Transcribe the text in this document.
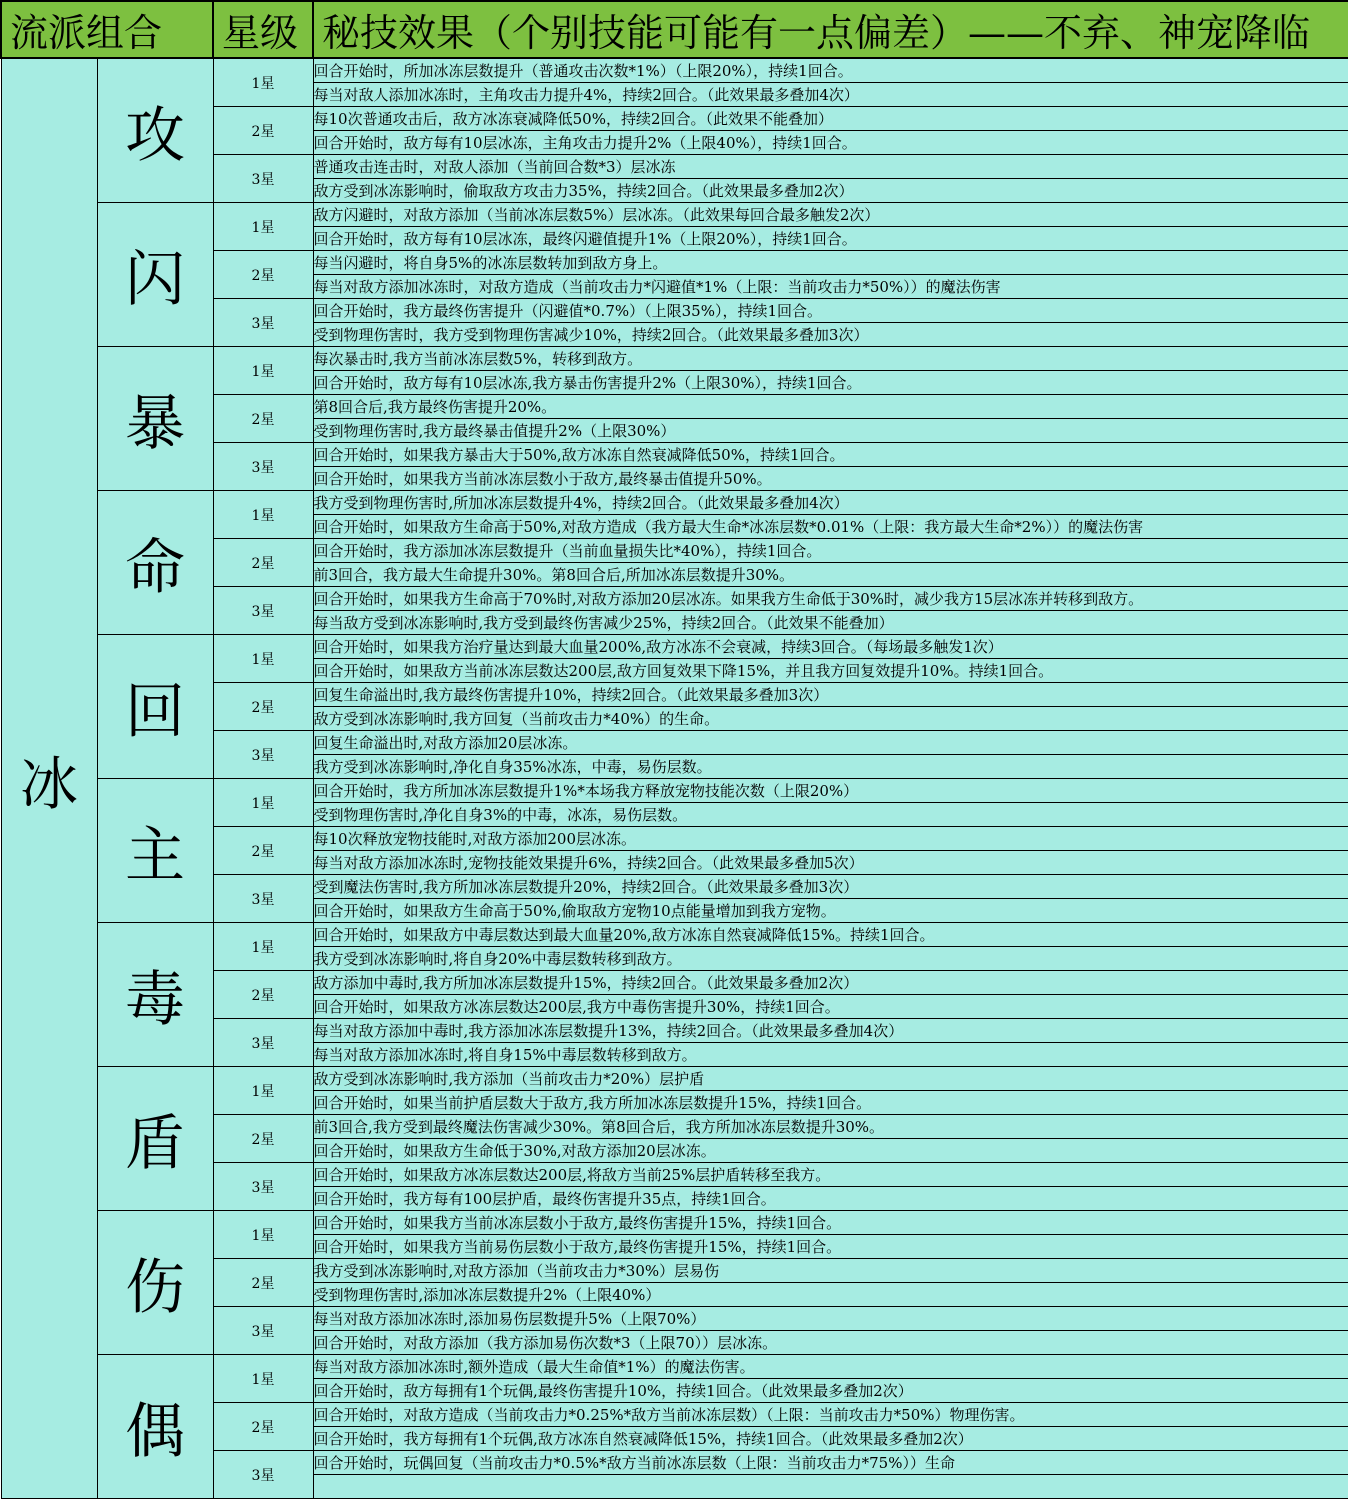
流派组合		星级	秘技效果（个别技能可能有一点偏差）——不弃、神宠降临
冰	攻	1星	回合开始时，所加冰冻层数提升（普通攻击次数*1%）（上限20%），持续1回合。
			每当对敌人添加冰冻时，主角攻击力提升4%，持续2回合。（此效果最多叠加4次）
		2星	每10次普通攻击后，敌方冰冻衰减降低50%，持续2回合。（此效果不能叠加）
			回合开始时，敌方每有10层冰冻，主角攻击力提升2%（上限40%），持续1回合。
		3星	普通攻击连击时，对敌人添加（当前回合数*3）层冰冻
			敌方受到冰冻影响时，偷取敌方攻击力35%，持续2回合。（此效果最多叠加2次）
	闪	1星	敌方闪避时，对敌方添加（当前冰冻层数5%）层冰冻。（此效果每回合最多触发2次）
			回合开始时，敌方每有10层冰冻，最终闪避值提升1%（上限20%），持续1回合。
		2星	每当闪避时，将自身5%的冰冻层数转加到敌方身上。
			每当对敌方添加冰冻时，对敌方造成（当前攻击力*闪避值*1%（上限：当前攻击力*50%））的魔法伤害
		3星	回合开始时，我方最终伤害提升（闪避值*0.7%）（上限35%），持续1回合。
			受到物理伤害时，我方受到物理伤害减少10%，持续2回合。（此效果最多叠加3次）
	暴	1星	每次暴击时,我方当前冰冻层数5%，转移到敌方。
			回合开始时，敌方每有10层冰冻,我方暴击伤害提升2%（上限30%），持续1回合。
		2星	第8回合后,我方最终伤害提升20%。
			受到物理伤害时,我方最终暴击值提升2%（上限30%）
		3星	回合开始时，如果我方暴击大于50%,敌方冰冻自然衰减降低50%，持续1回合。
			回合开始时，如果我方当前冰冻层数小于敌方,最终暴击值提升50%。
	命	1星	我方受到物理伤害时,所加冰冻层数提升4%，持续2回合。（此效果最多叠加4次）
			回合开始时，如果敌方生命高于50%,对敌方造成（我方最大生命*冰冻层数*0.01%（上限：我方最大生命*2%））的魔法伤害
		2星	回合开始时，我方添加冰冻层数提升（当前血量损失比*40%），持续1回合。
			前3回合，我方最大生命提升30%。第8回合后,所加冰冻层数提升30%。
		3星	回合开始时，如果我方生命高于70%时,对敌方添加20层冰冻。如果我方生命低于30%时，减少我方15层冰冻并转移到敌方。
			每当敌方受到冰冻影响时,我方受到最终伤害减少25%，持续2回合。（此效果不能叠加）
	回	1星	回合开始时，如果我方治疗量达到最大血量200%,敌方冰冻不会衰减，持续3回合。（每场最多触发1次）
			回合开始时，如果敌方当前冰冻层数达200层,敌方回复效果下降15%，并且我方回复效提升10%。持续1回合。
		2星	回复生命溢出时,我方最终伤害提升10%，持续2回合。（此效果最多叠加3次）
			敌方受到冰冻影响时,我方回复（当前攻击力*40%）的生命。
		3星	回复生命溢出时,对敌方添加20层冰冻。
			我方受到冰冻影响时,净化自身35%冰冻，中毒，易伤层数。
	主	1星	回合开始时，我方所加冰冻层数提升1%*本场我方释放宠物技能次数（上限20%）
			受到物理伤害时,净化自身3%的中毒，冰冻，易伤层数。
		2星	每10次释放宠物技能时,对敌方添加200层冰冻。
			每当对敌方添加冰冻时,宠物技能效果提升6%，持续2回合。（此效果最多叠加5次）
		3星	受到魔法伤害时,我方所加冰冻层数提升20%，持续2回合。（此效果最多叠加3次）
			回合开始时，如果敌方生命高于50%,偷取敌方宠物10点能量增加到我方宠物。
	毒	1星	回合开始时，如果敌方中毒层数达到最大血量20%,敌方冰冻自然衰减降低15%。持续1回合。
			我方受到冰冻影响时,将自身20%中毒层数转移到敌方。
		2星	敌方添加中毒时,我方所加冰冻层数提升15%，持续2回合。（此效果最多叠加2次）
			回合开始时，如果敌方冰冻层数达200层,我方中毒伤害提升30%，持续1回合。
		3星	每当对敌方添加中毒时,我方添加冰冻层数提升13%，持续2回合。（此效果最多叠加4次）
			每当对敌方添加冰冻时,将自身15%中毒层数转移到敌方。
	盾	1星	敌方受到冰冻影响时,我方添加（当前攻击力*20%）层护盾
			回合开始时，如果当前护盾层数大于敌方,我方所加冰冻层数提升15%，持续1回合。
		2星	前3回合,我方受到最终魔法伤害减少30%。第8回合后，我方所加冰冻层数提升30%。
			回合开始时，如果敌方生命低于30%,对敌方添加20层冰冻。
		3星	回合开始时，如果敌方冰冻层数达200层,将敌方当前25%层护盾转移至我方。
			回合开始时，我方每有100层护盾，最终伤害提升35点，持续1回合。
	伤	1星	回合开始时，如果我方当前冰冻层数小于敌方,最终伤害提升15%，持续1回合。
			回合开始时，如果我方当前易伤层数小于敌方,最终伤害提升15%，持续1回合。
		2星	我方受到冰冻影响时,对敌方添加（当前攻击力*30%）层易伤
			受到物理伤害时,添加冰冻层数提升2%（上限40%）
		3星	每当对敌方添加冰冻时,添加易伤层数提升5%（上限70%）
			回合开始时，对敌方添加（我方添加易伤次数*3（上限70））层冰冻。
	偶	1星	每当对敌方添加冰冻时,额外造成（最大生命值*1%）的魔法伤害。
			回合开始时，敌方每拥有1个玩偶,最终伤害提升10%，持续1回合。（此效果最多叠加2次）
		2星	回合开始时，对敌方造成（当前攻击力*0.25%*敌方当前冰冻层数）（上限：当前攻击力*50%）物理伤害。
			回合开始时，我方每拥有1个玩偶,敌方冰冻自然衰减降低15%，持续1回合。（此效果最多叠加2次）
		3星	回合开始时，玩偶回复（当前攻击力*0.5%*敌方当前冰冻层数（上限：当前攻击力*75%））生命
